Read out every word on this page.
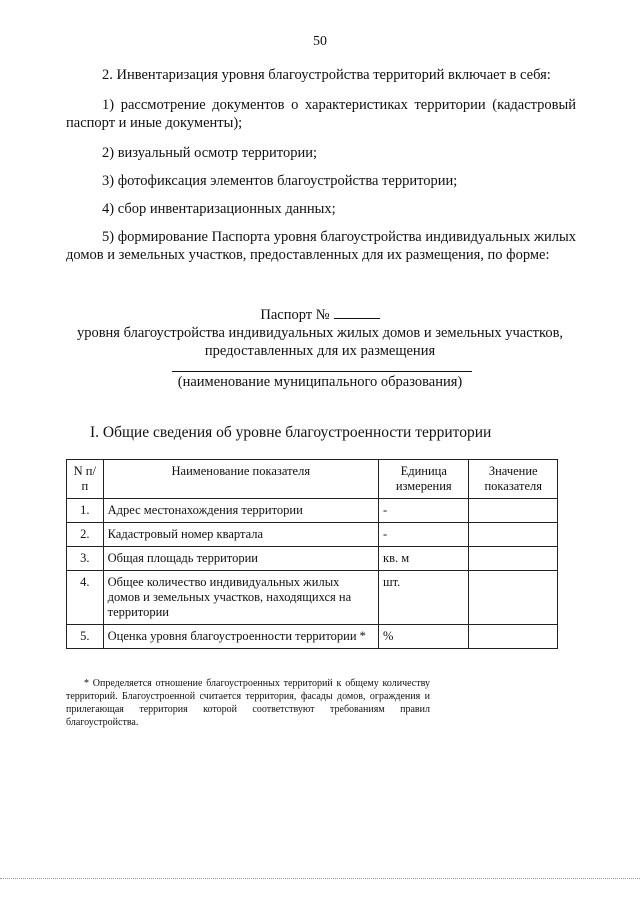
50
2. Инвентаризация уровня благоустройства территорий включает в себя:
1) рассмотрение документов о характеристиках территории (кадастровый паспорт и иные документы);
2) визуальный осмотр территории;
3) фотофиксация элементов благоустройства территории;
4) сбор инвентаризационных данных;
5) формирование Паспорта уровня благоустройства индивидуальных жилых домов и земельных участков, предоставленных для их размещения, по форме:
Паспорт №
уровня благоустройства индивидуальных жилых домов и земельных участков, предоставленных для их размещения
(наименование муниципального образования)
I. Общие сведения об уровне благоустроенности территории
N п/п	Наименование показателя	Единица измерения	Значение показателя
1.	Адрес местонахождения территории	-	
2.	Кадастровый номер квартала	-	
3.	Общая площадь территории	кв. м	
4.	Общее количество индивидуальных жилых домов и земельных участков, находящихся на территории	шт.	
5.	Оценка уровня благоустроенности территории *	%	
* Определяется отношение благоустроенных территорий к общему количеству территорий. Благоустроенной считается территория, фасады домов, ограждения и прилегающая территория которой соответствуют требованиям правил благоустройства.
